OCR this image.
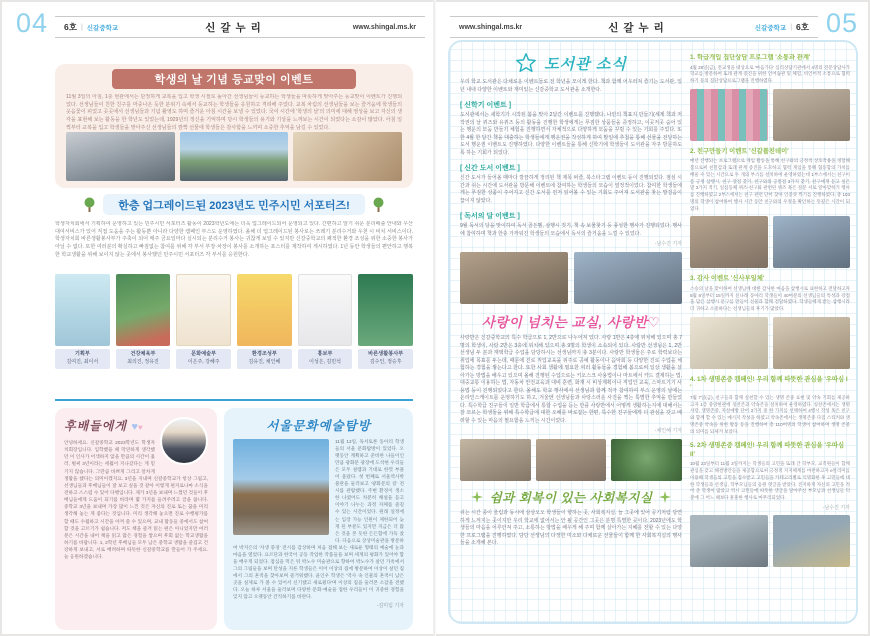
04 6호 | 신갈중학교	신갈누리	www.shingal.ms.kr	www.shingal.ms.kr	신갈누리	신갈중학교 | 6호 05
학생의 날 기념 등교맞이 이벤트
11월 3일의 아침, 1층 현관에서는 단정하게 교복을 입고 학생 시절로 돌아간 선생님들이 등교하는 학생들을 따뜻하게 맞아주는 등교맞이 이벤트가 진행되었다. 선생님들이 친한 친구를 마중나온 듯한 분위기 속에서 등교하는 학생들을 응원하고 격려해 주었다. 교복 차림의 선생님들을 보는 즐거움에 학생들의 웃음꽃이 피었고 곳곳에서 선생님들과 기념 촬영도 하며 즐거운 아침 시간을 보낼 수 있었다. 국어 시간에 '학생의 날'의 의미에 대해 영상을 보고 자신의 생각을 표현해 보는 활동을 한 학년도 있었는데, 1929년의 정신을 기억하며 당시 학생들의 용기와 기상을 느껴보는 시간이 되었다는 소감이 많았다. 아침 일찍부터 교복을 입고 학생들을 맞아주신 선생님들의 깜짝 선물에 학생들은 감사함을 느끼며 소중한 추억을 남길 수 있었다.
한층 업그레이드된 2023년도 민주시민 서포터즈!
학생자치회에서 기획하여 운영하고 있는 민주시민 서포터즈 활동이 2023학년도에는 더욱 업그레이드되어 운영되고 있다. 간편하고 알기 쉬운 분리배출 안내와 우산대여서비스가 있어 직접 도움을 주는 활동뿐 아니라 다양한 캠페인 부스도 운영하였다. 올해 더 업그레이드된 봉사로는 쓰레기 분리수거와 우천 시 비치 서비스이다. 학생자치회 바른생활봉사부가 주축이 되어 매주 금요일마다 실시되는 분리수거 봉사는 귀찮게 보일 수 있지만 신갈중학교의 쾌적한 환경 조성을 위한 소중한 봉사가 아닐 수 없다. 또한 여러분의 확실하고 빠짐없는 참여를 위해 각 부서 부장·차장이 봉사를 소개하는 포스터를 제작하여 게시하였다. 1년 동안 학생들의 편안하고 행복한 학교생활을 위해 보이지 않는 곳에서 봉사했던 민주시민 서포터즈 각 부서를 응원한다.
기획부
김여진, 최이서
건강체육부
최의진, 정유진
문화예술부
이은주, 강혜주
환경조성부
김유진, 채인혜
홍보부
이성은, 김민석
바른생활봉사부
김수인, 정승후
후배들에게 ♥♥
안녕하세요. 신갈중학교 2023학년도 학생자치회장입니다. 입학했을 때 막연하게 생각했던 이 인사가 어색하지 않을 만큼의 시간이 흘러, 벌써 3년이라는 세월이 지나갔다는 게 믿기지 않습니다. 그만큼 바쁘게 그리고 알차게 생활을 했다는 의미이겠지요. 3년을 지내며 신갈중학교가 항상 그립고, 선생님들과 후배님들이 잘 보고 싶을 것 같아 이렇게 편지로나마 소식을 전하고 스스럼 수 있어 다행입니다. 제가 3년을 보내며 느꼈던 것들이 후배님들에게 도움이 되기를 바라며 몇 가지를 들려주려고 글을 씁니다. 중학교 3년을 보내며 가장 많이 느낀 것은 자신의 진로 또는 꿈을 미리 생각해 놓는 게 좋다는 것입니다. 미리 생각해 놓으면 진로 수행평가를 할 때도 수월하고 시간을 아껴 쓸 수 있으며, 교내 활동들 중에서도 참여할 것을 고르기가 쉽습니다. 저도 책을 즐겨 읽는 편은 아니었지만 여러분은 시간을 내어 책을 읽고 많은 경험을 쌓으며 후회 없는 학교생활을 하기를 바랍니다. 1, 2학년 후배님들 모두 남은 중학교 생활을 즐겁고 건강하게 보내고, 서로 배려하며 따뜻한 신갈중학교를 만들어 가 주세요. 늘 응원하겠습니다.
서울문화예술탐방
11월 12일, 독서토론 동아리 학생들의 서울 문화탐방이 있었다. 오랫동안 계획하고 준비한 나들이인 만큼 광화문 광장에 도착한 우리들은 모두 설렘과 기대로 한껏 부풀어 올랐다. 첫 번째로 서울역사박물관을 둘러보고 '광화문의 길' 전시를 관람했다. 주변 환경이 생소한 나였어도 차분히 해설을 듣고 이야기 나누는 과정 자체를 즐길 수 있는 시간이었다. 원래 일정에는 입장 가능 인원이 제한되어 늦게 된 부분도 있지만 지금은 더 많은 것을 본 듯한 든든함에 가득 찼다. 다음으로 상상미술관을 방문하여 박지은의 '자생 풍경' 전시를 감상하며 처음 접해 보는 새로운 형태의 예술에 눈과 마음을 열었다. 요르단과 한국이 공동 작업한 작품들을 보며 세계의 평화가 있어야 함을 배우게 되었다. 점심을 먹은 뒤 박노수 미술관으로 향하여 박노수가 살던 가옥에서 그의 그림들을 보며 탄성을 지른 학생들은 이어 이상의 집에 방문하여 이상이 살던 집에서 그의 흔적을 찾아보며 즐거워했다. 윤인우 학생은 '역사 속 인물의 흔적이 남은 곳을 실제로 가 볼 수 있어서 신기했고 새로웠다'며 이상의 집을 둘러본 소감을 전했다. 오늘 하루 서울을 둘러보며 다양한 문화·예술을 접한 우리들이 이 귀중한 경험을 잊지 않고 오랫동안 간직하기를 바란다.
-김미림 기자
도서관 소식
우리 학교 도서관은 다채로운 이벤트들로 전 학년을 모이게 한다. 책과 함께 어우러져 즐기는 도서관, 일 년 내내 다양한 이벤트와 재미있는 신갈중학교 도서관을 소개한다.
[ 신학기 이벤트 ]
도서관에서는 새학기가 시작된 봄을 맞아 2달간 이벤트를 진행했다. 나만의 책표지 만들기(세계 책과 저작권의 날 퀴즈와 유퀴즈 등의 활동을 진행한 학생에게는 푸짐한 상품들을 증정하고, 이곳저곳 숨어 있는 행운의 모둠 만들기 체험을 진행하면서 자체적으로 다양하게 모둠을 꾸릴 수 있는 기회를 주었다. 또한 4월 한 달간 책을 대출하는 학생들에게 행운권을 작성하게 하여 말일에 추첨을 통해 선물을 전달하는 도서 행운권 이벤트도 진행하였다. 다양한 이벤트들을 통해 신학기에 학생들이 도서관을 자주 방문하도록 하는 기회가 되었다.
[ 신간 도서 이벤트 ]
신간 도서가 들어올 때마다 깔끔하게 정리된 책 제목 퍼즐, 북스타그램 이벤트 등이 진행되었다. 점심 시간과 쉬는 시간에 도서관을 방문해 이벤트에 참여하는 학생들의 모습이 열정적이었다. 참여한 학생들에게는 푸짐한 상품이 주어지고 신간 도서를 먼저 읽어볼 수 있는 기회도 주어져 도서관을 찾는 발걸음이 끊이지 않았다.
[ 독서의 달 이벤트 ]
9월 독서의 달을 맞이하여 독서 골든벨, 삼행시 짓기, 책 속 보물찾기 등 풍성한 행사가 진행되었다. 행사에 참여하며 책과 한층 가까워진 학생들의 모습에서 독서의 즐거움을 느낄 수 있었다.
-남수진 기자
사랑이 넘치는 교실, 사랑반♡
사랑반은 신갈중학교의 특수 학급으로 1, 2반으로 나누어져 있다. 사랑 1반은 4층에 위치해 있으며 총 7명의 학생이, 사랑 2반은 3층에 위치해 있으며 총 9명의 학생이 소속되어 있다. 사랑반 선생님은 1, 2반 선생님 두 분과 재택학급 수업을 담당하시는 선생님까지 총 3분이다. 사랑반 학생들은 주로 학력보다는 취업에 목표를 두는데, 때문에 진로 직업교육을 위주로 공예 활동이나 음악회 등 다양한 진로 수업을 체험하는 경험을 쌓는다고 한다. 또한 사회 생활에 필요한 여러 활동들을 경험해 봄으로써 일상 생활을 살아가는 방법을 배우고 있으며 올해 진행된 수업으로는 키오스크 사용법이나 마트에서 카드 결제하는 법, 대중교통 이용하는 법, 자동차 안전교육과 대비 훈련, 화재 시 비상계획이나 직업인 교육, 스마트기기 사용법 등이 진행되었다고 한다. 올해도 학교 행사에서 선생님과 함께 적극 참여하여 부스 운영의 날에는 온라인스케이트를 운영하기도 하고, 겨울엔 선생님들과 사랑스러운 사진을 찍는 특별한 추억을 만들었다. 특수학급 친구들이 일반 학급에서 통합 수업을 듣는 만큼 사랑반에서 어떻게 생활하는지에 대해서는 잘 모르는 학생들을 위해 특수학급에 대한 오해를 바로잡는 한편, 특수한 친구들에게 더 관심을 갖고 배려할 수 있는 마음의 필요함을 느끼는 시간이었다.
-채인혜 기자
쉼과 회복이 있는 사회복지실
쉬는 시간 종이 울림과 동시에 삼삼오오 학생들이 향하는 곳, 사회복지실. 늘 그곳에 있어 공기처럼 당연하게 느껴지는 곳이지만 우리 학교에 없어서는 안 될 공간인 그곳은 분명 특별한 곳이다. 2023년에도 학생들의 마음을 어루만져 주고, 소통하는 방법을 배우게 해 주며 함께 살아가는 지혜를 전할 수 있는 다양한 프로그램을 진행하였다. 담당 선생님의 다정한 미소와 다채로운 선물들이 함께 한 사회복지실의 행사들을 소개해 본다.
1. 학급개입 집단상담 프로그램 '소통과 관계'
4월 28일(금), 전교생을 대상으로 '마음가다' 심리상담기관에서 4명의 전문상담사가 학교를 방문하여 또래 관계 증진을 위한 언어습관 및 체험, 비언어적 소통으로 협력하기 등의 집단상담프로그램을 진행하였다.
2. 친구만들기 이벤트 '신갈플친데이'
매년 진행되는 프로그램으로 게임 활동을 통해 친구와의 긍정적 상호작용을 경험해 봄으로써 친밀감과 또래 관계 증진을 도모하고 협력 게임을 통해 협동함의 가치를 배울 수 있는 시간으로 두 개의 부스를 설치하여 운영하였는데 1부스에서는 친구이름 긍정 삼행시, 친구 장점 찾기, 친구와의 공통점 3가지 찾기, 친구에게 듣고 싶은 말 3가지 적기, 일심동체 퀴즈-친구와 관련된 퀴즈 혹은 질문 서로 알아맞히기 행사를 진행하였고 2부스에서는 친구 관련 단어 찾아 인증샷 찍기를 진행하였다. 총 103명의 학생이 참여하여 행사 시간 동안 친구와의 우정을 확인하는 뜻깊은 시간이 되었다.
3. 감사 이벤트 '신사부일체'
스승의 날을 맞이하여 선생님에 대한 감사한 마음을 삼행시로 표현하고 전달하고자 5월 8일부터 15일까지 신나래 동아리 학생들이 40여분의 선생님들의 특성과 강점을 담은 삼행시 문구를 만들어 선물과 함께 전달하였다. 학생들에게 받는 삼행시라 더 귀하고 소중하다는 선생님들의 후기가 많았다.
4. 1차 생명존중 캠페인! 우리 함께 따뜻한 관심을 '우따심 I '
7월 7일(금), 친구들과 함께 실천할 수 있는 생명 존중 표현 및 약속 기회를 제공하고자 1층 중앙현관에 칭찬존과 약속존을 설치하여 운영하였다. 칭찬존에서는 생명사랑, 생명존중, 자살예방 단어 3가지 중 한 가지를 선택하여 4행시 작성 혹은 친구와 함께 할 수 있는 메시지 작성을 하였고 약속존에서는 생명존중 다짐 스티커와 생명존중 약속을 위한 활동 등을 진행하여 총 110여명의 학생이 참여하며 생명 존중의 의미를 되새겨 보았다.
5. 2차 생명존중 캠페인! 우리 함께 따뜻한 관심을 '우따심 II'
10월 23일부터 11월 3일까지는 학생들의 고민을 또래 간 학부모, 교직원들이 함께 관심을 갖고 해결방안들을 제공함으로써 긍정적 지지체계를 마련하고자 e알리미를 이용해 학생들의 고민을 접수받고 고민들을 카테고리별로 익명화한 후 고민들에 대한 학생들과 선생님, 학부모님들의 응원 댓글을 받았다. 진지하게 자신의 고민을 적어 준 학생이 많았고 역시 고민들에 따뜻한 댓글을 달아주신 부모님과 선생님들 덕분에 그 어느 때보다 훈훈한 행사로 마무리되었다.
-남수진 기자
